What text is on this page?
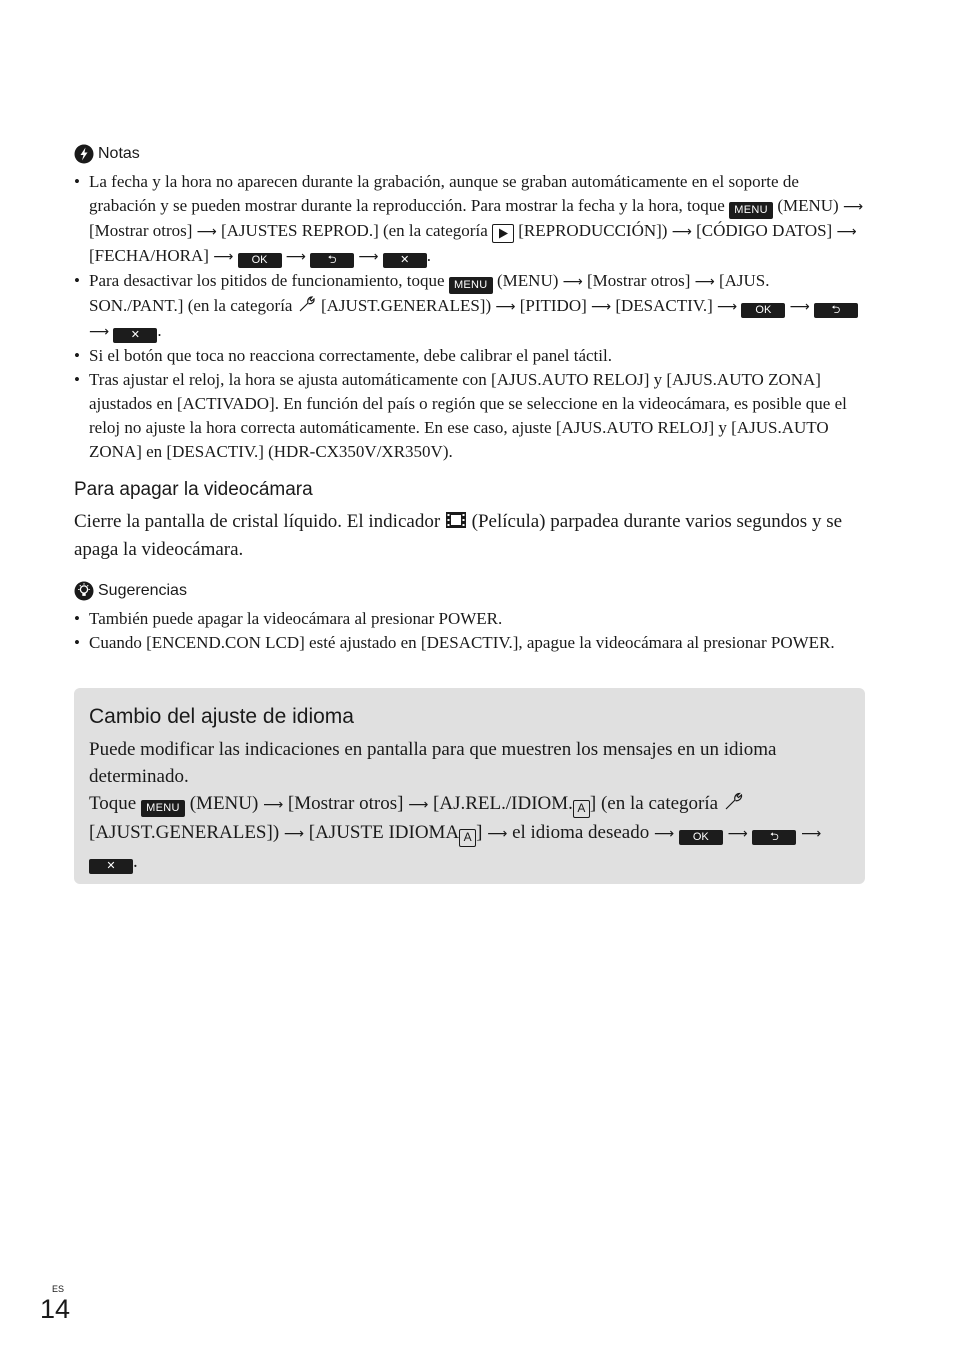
Notas
• La fecha y la hora no aparecen durante la grabación, aunque se graban automáticamente en el soporte de grabación y se pueden mostrar durante la reproducción. Para mostrar la fecha y la hora, toque MENU (MENU) ⟶ [Mostrar otros] ⟶ [AJUSTES REPROD.] (en la categoría [REPRODUCCIÓN]) ⟶ [CÓDIGO DATOS] ⟶ [FECHA/HORA] ⟶ OK ⟶ ⮌ ⟶ ✕ .
• Para desactivar los pitidos de funcionamiento, toque MENU (MENU) ⟶ [Mostrar otros] ⟶ [AJUS. SON./PANT.] (en la categoría [AJUST.GENERALES]) ⟶ [PITIDO] ⟶ [DESACTIV.] ⟶ OK ⟶ ⮌ ⟶ ✕ .
• Si el botón que toca no reacciona correctamente, debe calibrar el panel táctil.
• Tras ajustar el reloj, la hora se ajusta automáticamente con [AJUS.AUTO RELOJ] y [AJUS.AUTO ZONA] ajustados en [ACTIVADO]. En función del país o región que se seleccione en la videocámara, es posible que el reloj no ajuste la hora correcta automáticamente. En ese caso, ajuste [AJUS.AUTO RELOJ] y [AJUS.AUTO ZONA] en [DESACTIV.] (HDR-CX350V/XR350V).
Para apagar la videocámara
Cierre la pantalla de cristal líquido. El indicador (Película) parpadea durante varios segundos y se apaga la videocámara.
Sugerencias
• También puede apagar la videocámara al presionar POWER.
• Cuando [ENCEND.CON LCD] esté ajustado en [DESACTIV.], apague la videocámara al presionar POWER.
Cambio del ajuste de idioma

Puede modificar las indicaciones en pantalla para que muestren los mensajes en un idioma determinado.

Toque MENU (MENU) ⟶ [Mostrar otros] ⟶ [AJ.REL./IDIOM. A ] (en la categoría  [AJUST.GENERALES]) ⟶ [AJUSTE IDIOMA A ] ⟶ el idioma deseado ⟶ OK ⟶ ⮌ ⟶ ✕ .

ES
14
